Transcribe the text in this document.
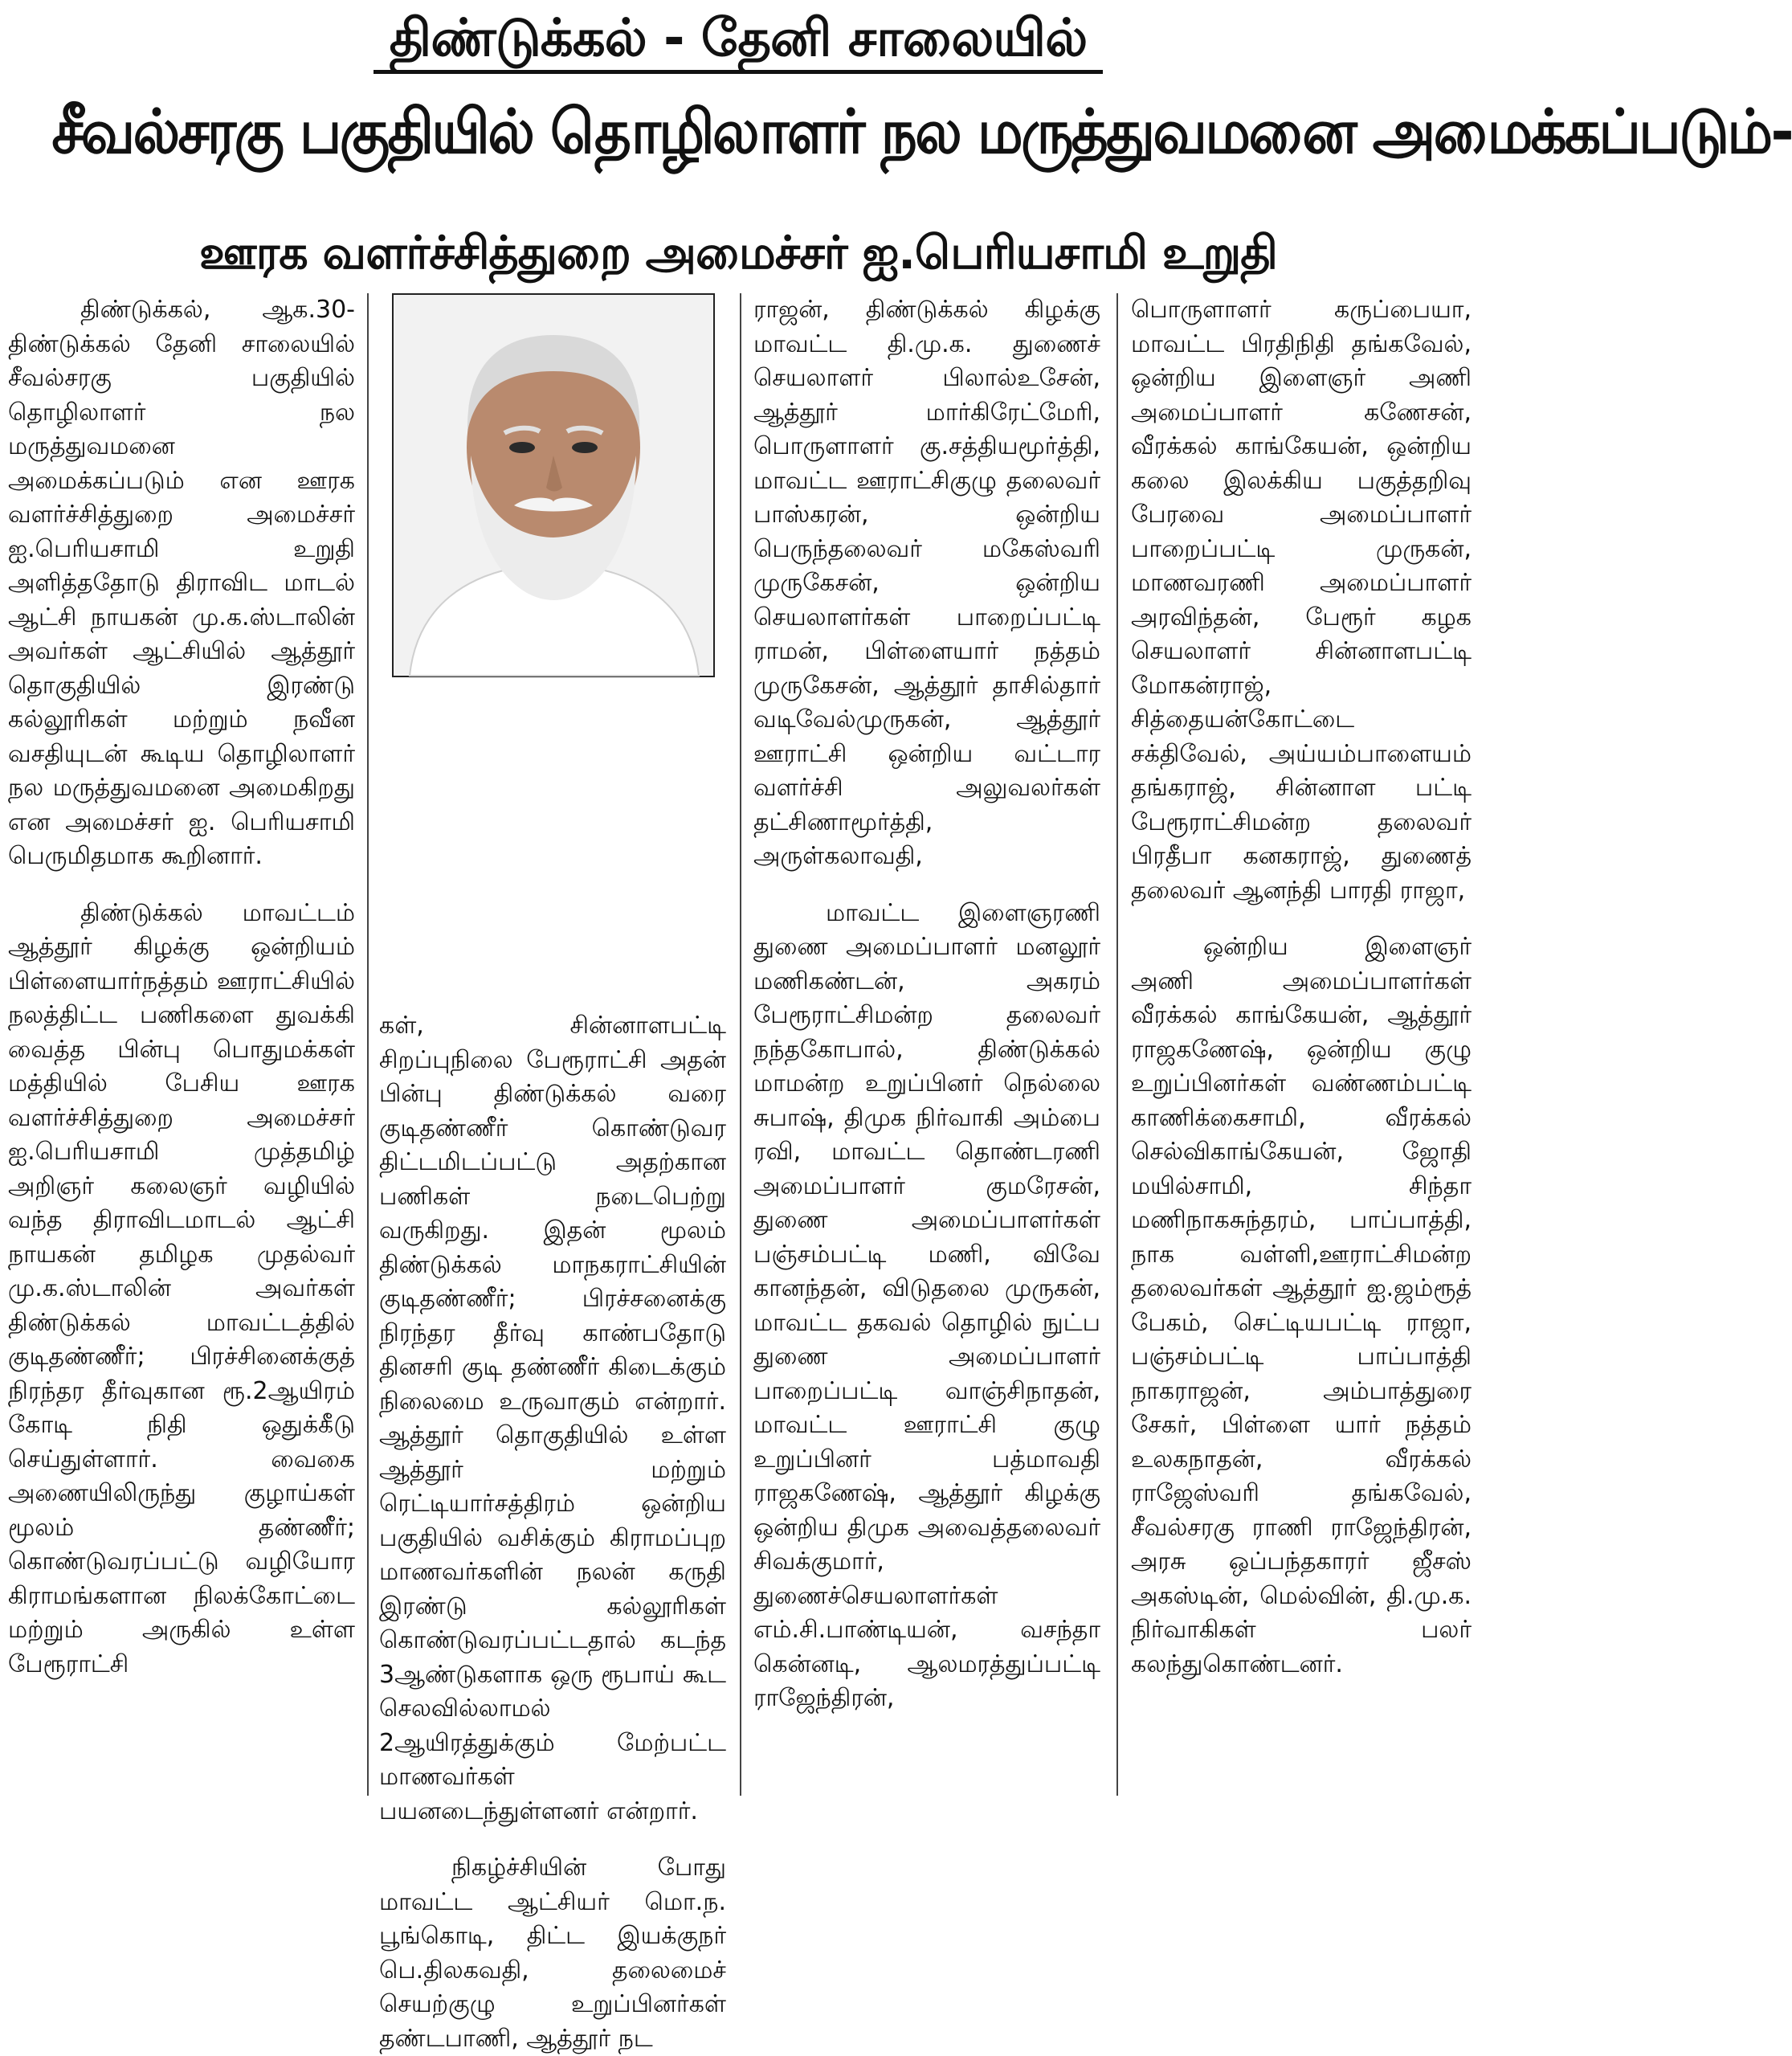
திண்டுக்கல் - தேனி சாலையில்
சீவல்சரகு பகுதியில் தொழிலாளர் நல மருத்துவமனை அமைக்கப்படும்-
ஊரக வளர்ச்சித்துறை அமைச்சர் ஐ.பெரியசாமி உறுதி

திண்டுக்கல், ஆக.30- திண்டுக்கல் தேனி சாலையில் சீவல்சரகு பகுதியில் தொழிலாளர் நல மருத்துவமனை அமைக்கப்படும் என ஊரக வளர்ச்சித்துறை அமைச்சர் ஐ.பெரியசாமி உறுதி அளித்ததோடு திராவிட மாடல் ஆட்சி நாயகன் மு.க.ஸ்டாலின் அவர்கள் ஆட்சியில் ஆத்தூர் தொகுதியில் இரண்டு கல்லூரிகள் மற்றும் நவீன வசதியுடன் கூடிய தொழிலாளர் நல மருத்துவமனை அமைகிறது என அமைச்சர் ஐ. பெரியசாமி பெருமிதமாக கூறினார்.

திண்டுக்கல் மாவட்டம் ஆத்தூர் கிழக்கு ஒன்றியம் பிள்ளையார்நத்தம் ஊராட்சியில் நலத்திட்ட பணிகளை துவக்கி வைத்த பின்பு பொதுமக்கள் மத்தியில் பேசிய ஊரக வளர்ச்சித்துறை அமைச்சர் ஐ.பெரியசாமி முத்தமிழ் அறிஞர் கலைஞர் வழியில் வந்த திராவிடமாடல் ஆட்சி நாயகன் தமிழக முதல்வர் மு.க.ஸ்டாலின் அவர்கள் திண்டுக்கல் மாவட்டத்தில் குடிதண்ணீர்; பிரச்சினைக்குத் நிரந்தர தீர்வுகான ரூ.2ஆயிரம் கோடி நிதி ஒதுக்கீடு செய்துள்ளார். வைகை அணையிலிருந்து குழாய்கள் மூலம் தண்ணீர்; கொண்டுவரப்பட்டு வழியோர கிராமங்களான நிலக்கோட்டை மற்றும் அருகில் உள்ள பேரூராட்சி

கள், சின்னாளபட்டி சிறப்புநிலை பேரூராட்சி அதன் பின்பு திண்டுக்கல் வரை குடிதண்ணீர் கொண்டுவர திட்டமிடப்பட்டு அதற்கான பணிகள் நடைபெற்று வருகிறது. இதன் மூலம் திண்டுக்கல் மாநகராட்சியின் குடிதண்ணீர்; பிரச்சனைக்கு நிரந்தர தீர்வு காண்பதோடு தினசரி குடி தண்ணீர் கிடைக்கும் நிலைமை உருவாகும் என்றார். ஆத்தூர் தொகுதியில் உள்ள ஆத்தூர் மற்றும் ரெட்டியார்சத்திரம் ஒன்றிய பகுதியில் வசிக்கும் கிராமப்புற மாணவர்களின் நலன் கருதி இரண்டு கல்லூரிகள் கொண்டுவரப்பட்டதால் கடந்த 3ஆண்டுகளாக ஒரு ரூபாய் கூட செலவில்லாமல் 2ஆயிரத்துக்கும் மேற்பட்ட மாணவர்கள் பயனடைந்துள்ளனர் என்றார்.

நிகழ்ச்சியின் போது மாவட்ட ஆட்சியர் மொ.ந. பூங்கொடி, திட்ட இயக்குநர் பெ.திலகவதி, தலைமைச் செயற்குழு உறுப்பினர்கள் தண்டபாணி, ஆத்தூர் நட

ராஜன், திண்டுக்கல் கிழக்கு மாவட்ட தி.மு.க. துணைச் செயலாளர் பிலால்உசேன், ஆத்தூர் மார்கிரேட்மேரி, பொருளாளர் கு.சத்தியமூர்த்தி, மாவட்ட ஊராட்சிகுழு தலைவர் பாஸ்கரன், ஒன்றிய பெருந்தலைவர் மகேஸ்வரி முருகேசன், ஒன்றிய செயலாளர்கள் பாறைப்பட்டி ராமன், பிள்ளையார் நத்தம் முருகேசன், ஆத்தூர் தாசில்தார் வடிவேல்முருகன், ஆத்தூர் ஊராட்சி ஒன்றிய வட்டார வளர்ச்சி அலுவலர்கள் தட்சிணாமூர்த்தி, அருள்கலாவதி,

மாவட்ட இளைஞரணி துணை அமைப்பாளர் மனலூர் மணிகண்டன், அகரம் பேரூராட்சிமன்ற தலைவர் நந்தகோபால், திண்டுக்கல் மாமன்ற உறுப்பினர் நெல்லை சுபாஷ், திமுக நிர்வாகி அம்பை ரவி, மாவட்ட தொண்டரணி அமைப்பாளர் குமரேசன், துணை அமைப்பாளர்கள் பஞ்சம்பட்டி மணி, விவே கானந்தன், விடுதலை முருகன், மாவட்ட தகவல் தொழில் நுட்ப துணை அமைப்பாளர் பாறைப்பட்டி வாஞ்சிநாதன், மாவட்ட ஊராட்சி குழு உறுப்பினர் பத்மாவதி ராஜகணேஷ், ஆத்தூர் கிழக்கு ஒன்றிய திமுக அவைத்தலைவர் சிவக்குமார், துணைச்செயலாளர்கள் எம்.சி.பாண்டியன், வசந்தா கென்னடி, ஆலமரத்துப்பட்டி ராஜேந்திரன்,

பொருளாளர் கருப்பையா, மாவட்ட பிரதிநிதி தங்கவேல், ஒன்றிய இளைஞர் அணி அமைப்பாளர் கணேசன், வீரக்கல் காங்கேயன், ஒன்றிய கலை இலக்கிய பகுத்தறிவு பேரவை அமைப்பாளர் பாறைப்பட்டி முருகன், மாணவரணி அமைப்பாளர் அரவிந்தன், பேரூர் கழக செயலாளர் சின்னாளபட்டி மோகன்ராஜ், சித்தையன்கோட்டை சக்திவேல், அய்யம்பாளையம் தங்கராஜ், சின்னாள பட்டி பேரூராட்சிமன்ற தலைவர் பிரதீபா கனகராஜ், துணைத் தலைவர் ஆனந்தி பாரதி ராஜா,

ஒன்றிய இளைஞர் அணி அமைப்பாளர்கள் வீரக்கல் காங்கேயன், ஆத்தூர் ராஜகணேஷ், ஒன்றிய குழு உறுப்பினர்கள் வண்ணம்பட்டி காணிக்கைசாமி, வீரக்கல் செல்விகாங்கேயன், ஜோதி மயில்சாமி, சிந்தா மணிநாகசுந்தரம், பாப்பாத்தி, நாக வள்ளி,ஊராட்சிமன்ற தலைவர்கள் ஆத்தூர் ஐ.ஜம்ரூத் பேகம், செட்டியபட்டி ராஜா, பஞ்சம்பட்டி பாப்பாத்தி நாகராஜன், அம்பாத்துரை சேகர், பிள்ளை யார் நத்தம் உலகநாதன், வீரக்கல் ராஜேஸ்வரி தங்கவேல், சீவல்சரகு ராணி ராஜேந்திரன், அரசு ஒப்பந்தகாரர் ஜீசஸ் அகஸ்டின், மெல்வின், தி.மு.க. நிர்வாகிகள் பலர் கலந்துகொண்டனர்.
